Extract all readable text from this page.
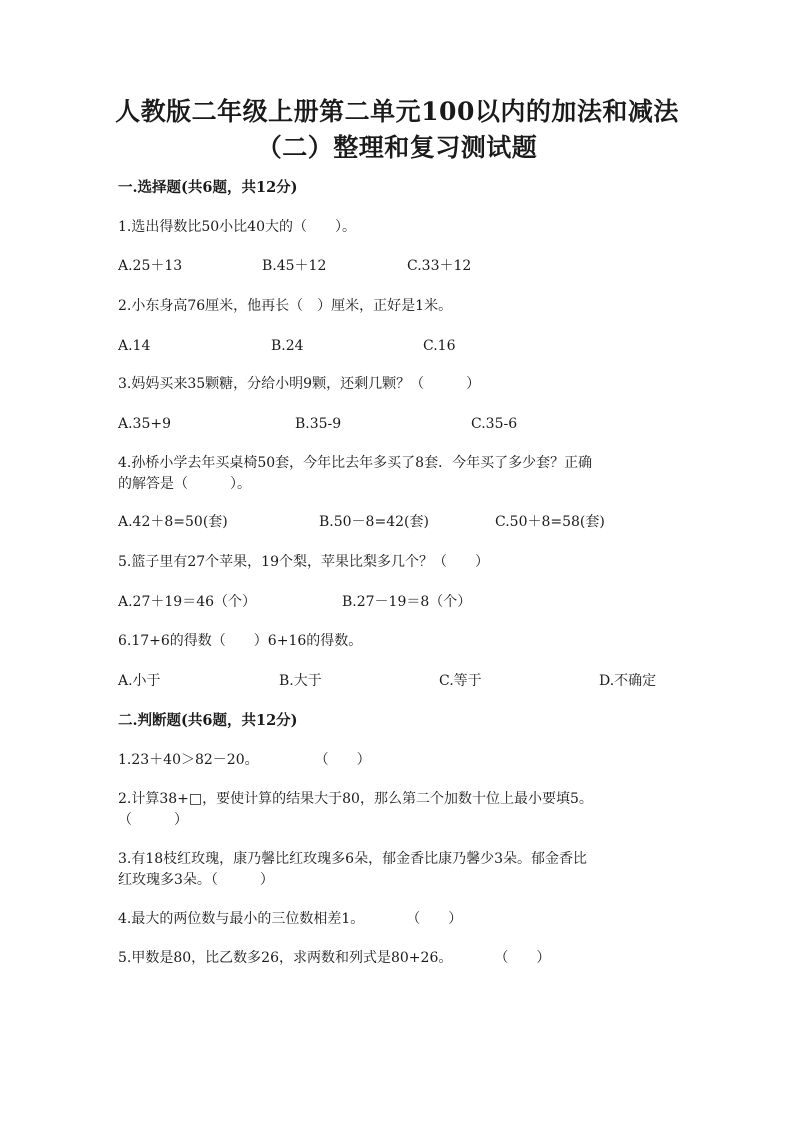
人教版二年级上册第二单元100以内的加法和减法
（二）整理和复习测试题
一.选择题(共6题，共12分)
1.选出得数比50小比40大的（　　）。
A.25＋13	B.45＋12	C.33＋12
2.小东身高76厘米，他再长（　）厘米，正好是1米。
A.14	B.24	C.16
3.妈妈买来35颗糖，分给小明9颗，还剩几颗？（　　　）
A.35+9	B.35-9	C.35-6
4.孙桥小学去年买桌椅50套，今年比去年多买了8套．今年买了多少套？正确
的解答是（　　　）。
A.42＋8=50(套)	B.50－8=42(套)	C.50＋8=58(套)
5.篮子里有27个苹果，19个梨，苹果比梨多几个？（　　）
A.27＋19＝46（个）	B.27－19＝8（个）
6.17+6的得数（　　）6+16的得数。
A.小于	B.大于	C.等于	D.不确定
二.判断题(共6题，共12分)
1.23＋40＞82－20。　　　　　（　　）
2.计算38+□，要使计算的结果大于80，那么第二个加数十位上最小要填5。
（　　　）
3.有18枝红玫瑰，康乃馨比红玫瑰多6朵，郁金香比康乃馨少3朵。郁金香比
红玫瑰多3朵。（　　　）
4.最大的两位数与最小的三位数相差1。　　　　（　　）
5.甲数是80，比乙数多26，求两数和列式是80+26。　　　　（　　）
